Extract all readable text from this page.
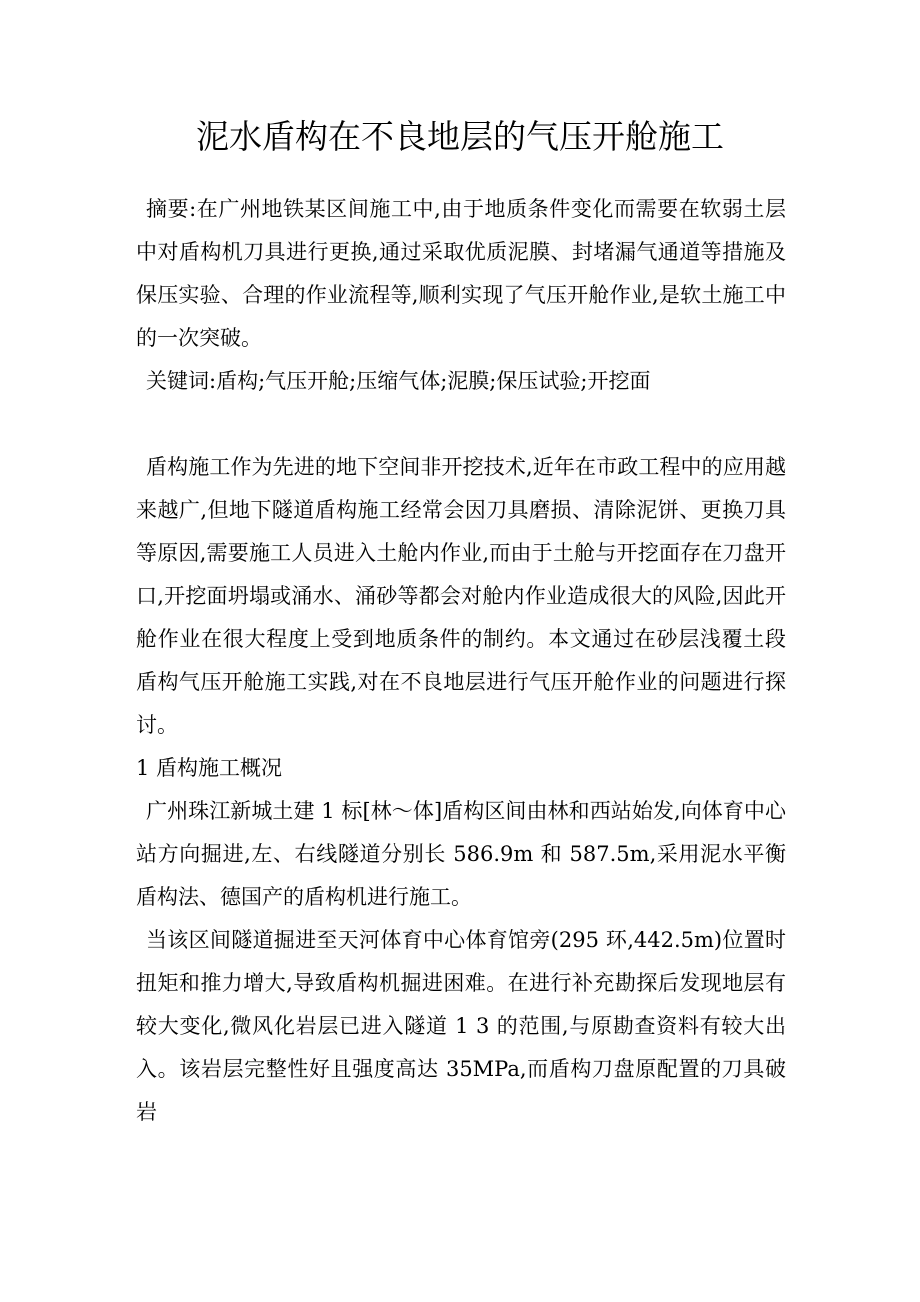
泥水盾构在不良地层的气压开舱施工

摘要:在广州地铁某区间施工中,由于地质条件变化而需要在软弱土层中对盾构机刀具进行更换,通过采取优质泥膜、封堵漏气通道等措施及保压实验、合理的作业流程等,顺利实现了气压开舱作业,是软土施工中的一次突破。

关键词:盾构;气压开舱;压缩气体;泥膜;保压试验;开挖面

盾构施工作为先进的地下空间非开挖技术,近年在市政工程中的应用越来越广,但地下隧道盾构施工经常会因刀具磨损、清除泥饼、更换刀具等原因,需要施工人员进入土舱内作业,而由于土舱与开挖面存在刀盘开口,开挖面坍塌或涌水、涌砂等都会对舱内作业造成很大的风险,因此开舱作业在很大程度上受到地质条件的制约。本文通过在砂层浅覆土段盾构气压开舱施工实践,对在不良地层进行气压开舱作业的问题进行探讨。

1 盾构施工概况

广州珠江新城土建 1 标[林～体]盾构区间由林和西站始发,向体育中心站方向掘进,左、右线隧道分别长 586.9m 和 587.5m,采用泥水平衡盾构法、德国产的盾构机进行施工。

当该区间隧道掘进至天河体育中心体育馆旁(295 环,442.5m)位置时扭矩和推力增大,导致盾构机掘进困难。在进行补充勘探后发现地层有较大变化,微风化岩层已进入隧道 1 3 的范围,与原勘查资料有较大出入。该岩层完整性好且强度高达 35MPa,而盾构刀盘原配置的刀具破岩
